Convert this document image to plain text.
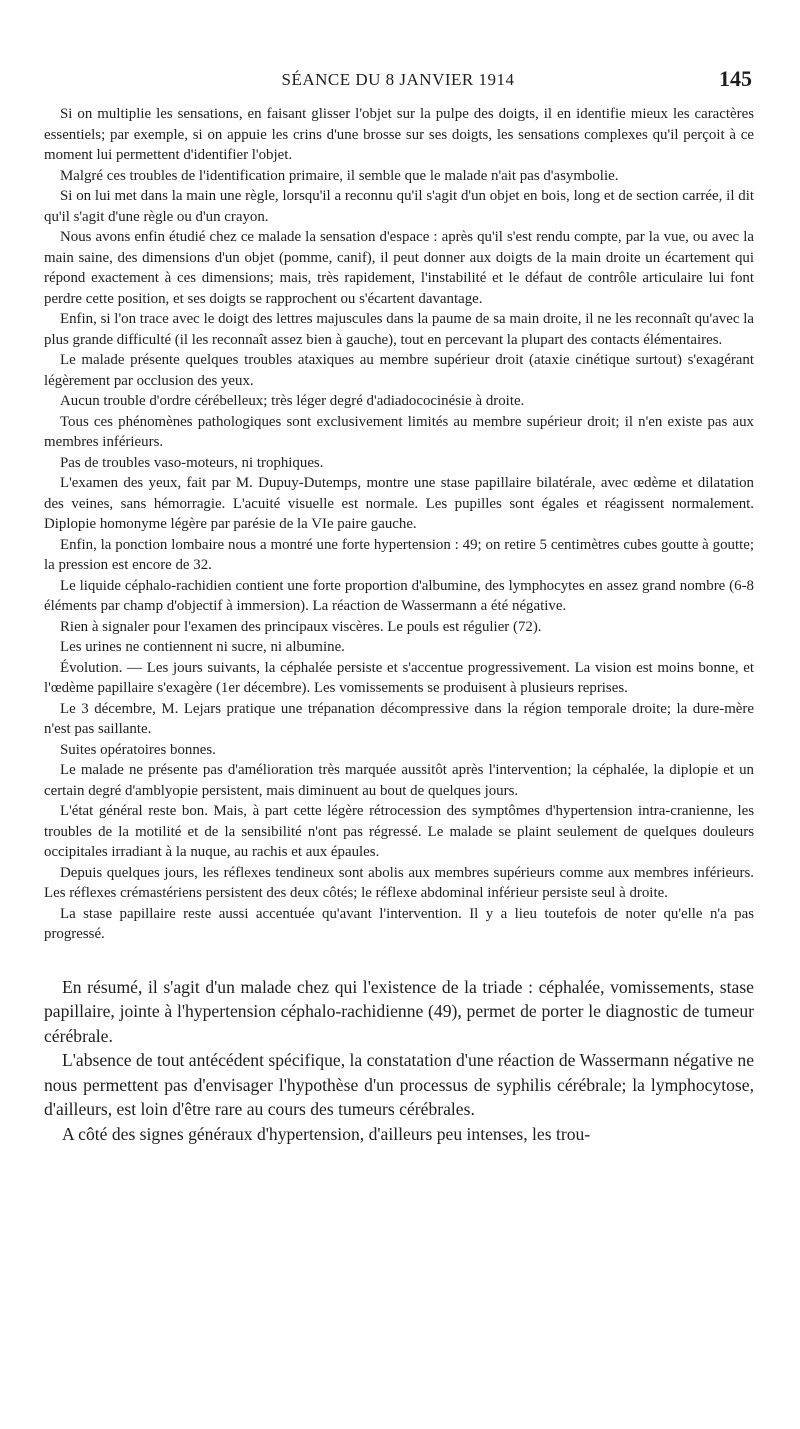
SÉANCE DU 8 JANVIER 1914	145

Si on multiplie les sensations, en faisant glisser l'objet sur la pulpe des doigts, il en identifie mieux les caractères essentiels; par exemple, si on appuie les crins d'une brosse sur ses doigts, les sensations complexes qu'il perçoit à ce moment lui permettent d'identifier l'objet.

Malgré ces troubles de l'identification primaire, il semble que le malade n'ait pas d'asymbolie.

Si on lui met dans la main une règle, lorsqu'il a reconnu qu'il s'agit d'un objet en bois, long et de section carrée, il dit qu'il s'agit d'une règle ou d'un crayon.

Nous avons enfin étudié chez ce malade la sensation d'espace : après qu'il s'est rendu compte, par la vue, ou avec la main saine, des dimensions d'un objet (pomme, canif), il peut donner aux doigts de la main droite un écartement qui répond exactement à ces dimensions; mais, très rapidement, l'instabilité et le défaut de contrôle articulaire lui font perdre cette position, et ses doigts se rapprochent ou s'écartent davantage.

Enfin, si l'on trace avec le doigt des lettres majuscules dans la paume de sa main droite, il ne les reconnaît qu'avec la plus grande difficulté (il les reconnaît assez bien à gauche), tout en percevant la plupart des contacts élémentaires.

Le malade présente quelques troubles ataxiques au membre supérieur droit (ataxie cinétique surtout) s'exagérant légèrement par occlusion des yeux.

Aucun trouble d'ordre cérébelleux; très léger degré d'adiadococinésie à droite.

Tous ces phénomènes pathologiques sont exclusivement limités au membre supérieur droit; il n'en existe pas aux membres inférieurs.

Pas de troubles vaso-moteurs, ni trophiques.

L'examen des yeux, fait par M. Dupuy-Dutemps, montre une stase papillaire bilatérale, avec œdème et dilatation des veines, sans hémorragie. L'acuité visuelle est normale. Les pupilles sont égales et réagissent normalement. Diplopie homonyme légère par parésie de la VIe paire gauche.

Enfin, la ponction lombaire nous a montré une forte hypertension : 49; on retire 5 centimètres cubes goutte à goutte; la pression est encore de 32.

Le liquide céphalo-rachidien contient une forte proportion d'albumine, des lymphocytes en assez grand nombre (6-8 éléments par champ d'objectif à immersion). La réaction de Wassermann a été négative.

Rien à signaler pour l'examen des principaux viscères. Le pouls est régulier (72).

Les urines ne contiennent ni sucre, ni albumine.

Évolution. — Les jours suivants, la céphalée persiste et s'accentue progressivement. La vision est moins bonne, et l'œdème papillaire s'exagère (1er décembre). Les vomissements se produisent à plusieurs reprises.

Le 3 décembre, M. Lejars pratique une trépanation décompressive dans la région temporale droite; la dure-mère n'est pas saillante.

Suites opératoires bonnes.

Le malade ne présente pas d'amélioration très marquée aussitôt après l'intervention; la céphalée, la diplopie et un certain degré d'amblyopie persistent, mais diminuent au bout de quelques jours.

L'état général reste bon. Mais, à part cette légère rétrocession des symptômes d'hypertension intra-cranienne, les troubles de la motilité et de la sensibilité n'ont pas régressé. Le malade se plaint seulement de quelques douleurs occipitales irradiant à la nuque, au rachis et aux épaules.

Depuis quelques jours, les réflexes tendineux sont abolis aux membres supérieurs comme aux membres inférieurs. Les réflexes crémastériens persistent des deux côtés; le réflexe abdominal inférieur persiste seul à droite.

La stase papillaire reste aussi accentuée qu'avant l'intervention. Il y a lieu toutefois de noter qu'elle n'a pas progressé.

En résumé, il s'agit d'un malade chez qui l'existence de la triade : céphalée, vomissements, stase papillaire, jointe à l'hypertension céphalo-rachidienne (49), permet de porter le diagnostic de tumeur cérébrale.

L'absence de tout antécédent spécifique, la constatation d'une réaction de Wassermann négative ne nous permettent pas d'envisager l'hypothèse d'un processus de syphilis cérébrale; la lymphocytose, d'ailleurs, est loin d'être rare au cours des tumeurs cérébrales.

A côté des signes généraux d'hypertension, d'ailleurs peu intenses, les trou-
